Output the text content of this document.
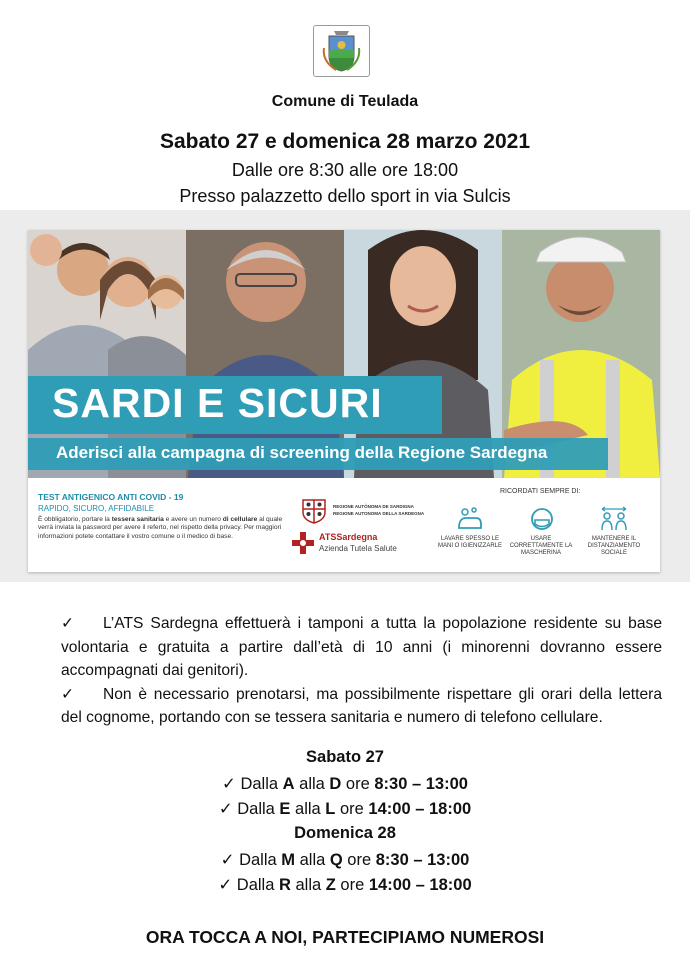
Comune di Teulada
Sabato 27 e domenica 28 marzo 2021
Dalle ore 8:30 alle ore 18:00
Presso palazzetto dello sport in via Sulcis
SARDI E SICURI
Aderisci alla campagna di screening della Regione Sardegna
TEST ANTIGENICO ANTI COVID - 19
RAPIDO, SICURO, AFFIDABILE
È obbligatorio, portare la tessera sanitaria e avere un numero di cellulare al quale verrà inviata la password per avere il referto, nel rispetto della privacy. Per maggiori informazioni potete contattare il vostro comune o il medico di base.
REGIONE AUTÒNOMA DE SARDIGNA
REGIONE AUTONOMA DELLA SARDEGNA
ATSSardegna
Azienda Tutela Salute
RICORDATI SEMPRE DI:
LAVARE SPESSO LE MANI O IGIENIZZARLE
USARE CORRETTAMENTE LA MASCHERINA
MANTENERE IL DISTANZIAMENTO SOCIALE

✓ L’ATS Sardegna effettuerà i tamponi a tutta la popolazione residente su base volontaria e gratuita a partire dall’età di 10 anni (i minorenni dovranno essere accompagnati dai genitori).

✓ Non è necessario prenotarsi, ma possibilmente rispettare gli orari della lettera del cognome, portando con se tessera sanitaria e numero di telefono cellulare.

Sabato 27
✓ Dalla A alla D ore 8:30 – 13:00
✓ Dalla E alla L ore 14:00 – 18:00
Domenica 28
✓ Dalla M alla Q ore 8:30 – 13:00
✓ Dalla R alla Z ore 14:00 – 18:00
ORA TOCCA A NOI, PARTECIPIAMO NUMEROSI
